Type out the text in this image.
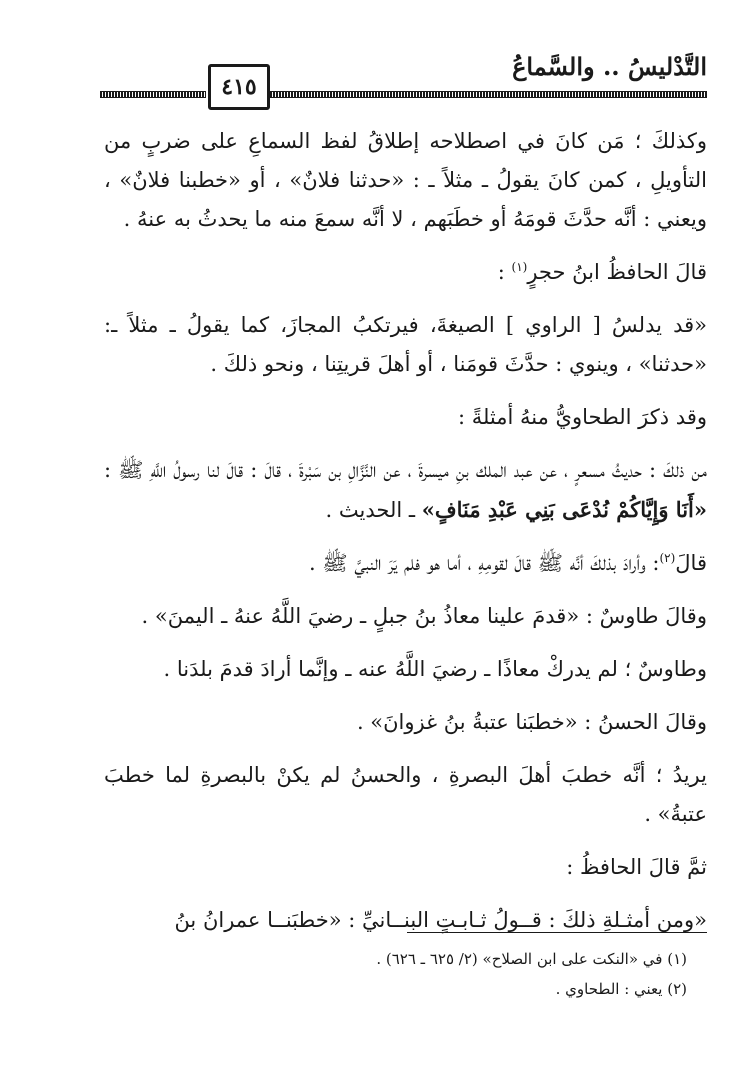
التَّدْليسُ .. والسَّماعُ
٤١٥

وكذلكَ ؛ مَن كانَ في اصطلاحه إطلاقُ لفظ السماعِ على ضربٍ من التأويلِ ، كمن كانَ يقولُ ـ مثلاً ـ : «حدثنا فلانٌ» ، أو «خطبنا فلانٌ» ، ويعني : أنَّه حدَّثَ قومَهُ أو خطَبَهم ، لا أنَّه سمعَ منه ما يحدثُ به عنهُ .

قالَ الحافظُ ابنُ حجرٍ$^{(١)}$ :

«قد يدلسُ [ الراوي ] الصيغةَ، فيرتكبُ المجازَ، كما يقولُ ـ مثلاً ـ: «حدثنا» ، وينوي : حدَّثَ قومَنا ، أو أهلَ قريتِنا ، ونحو ذلكَ .

وقد ذكرَ الطحاويُّ منهُ أمثلةً :

من ذلكَ : حديثُ مسعرٍ ، عن عبد الملك بنِ ميسرةَ ، عن النَّزَّالِ بن سَبْرةَ ، قالَ : قالَ لنا رسولُ اللَّهِ ﷺ : «أَنَا وَإِيَّاكُمْ نُدْعَى بَنِي عَبْدِ مَنَافٍ» ـ الحديث .

قالَ$^{(٢)}$: وأرادَ بذلكَ أنَّه ﷺ قالَ لقومِهِ ، أما هو فلم يَرَ النبيَّ ﷺ .

وقالَ طاوسٌ : «قدمَ علينا معاذُ بنُ جبلٍ ـ رضيَ اللَّهُ عنهُ ـ اليمنَ» .

وطاوسٌ ؛ لم يدركْ معاذًا ـ رضيَ اللَّهُ عنه ـ وإنَّما أرادَ قدمَ بلدَنا .

وقالَ الحسنُ : «خطبَنا عتبةُ بنُ غزوانَ» .

يريدُ ؛ أنَّه خطبَ أهلَ البصرةِ ، والحسنُ لم يكنْ بالبصرةِ لما خطبَ عتبةُ» .

ثمَّ قالَ الحافظُ :

«ومن أمثـلةِ ذلكَ : قــولُ ثـابـتٍ البنــانيِّ : «خطبَنــا عمرانُ بنُ

(١) في «النكت على ابن الصلاح» (٢/ ٦٢٥ ـ ٦٢٦) .

(٢) يعني : الطحاوي .
